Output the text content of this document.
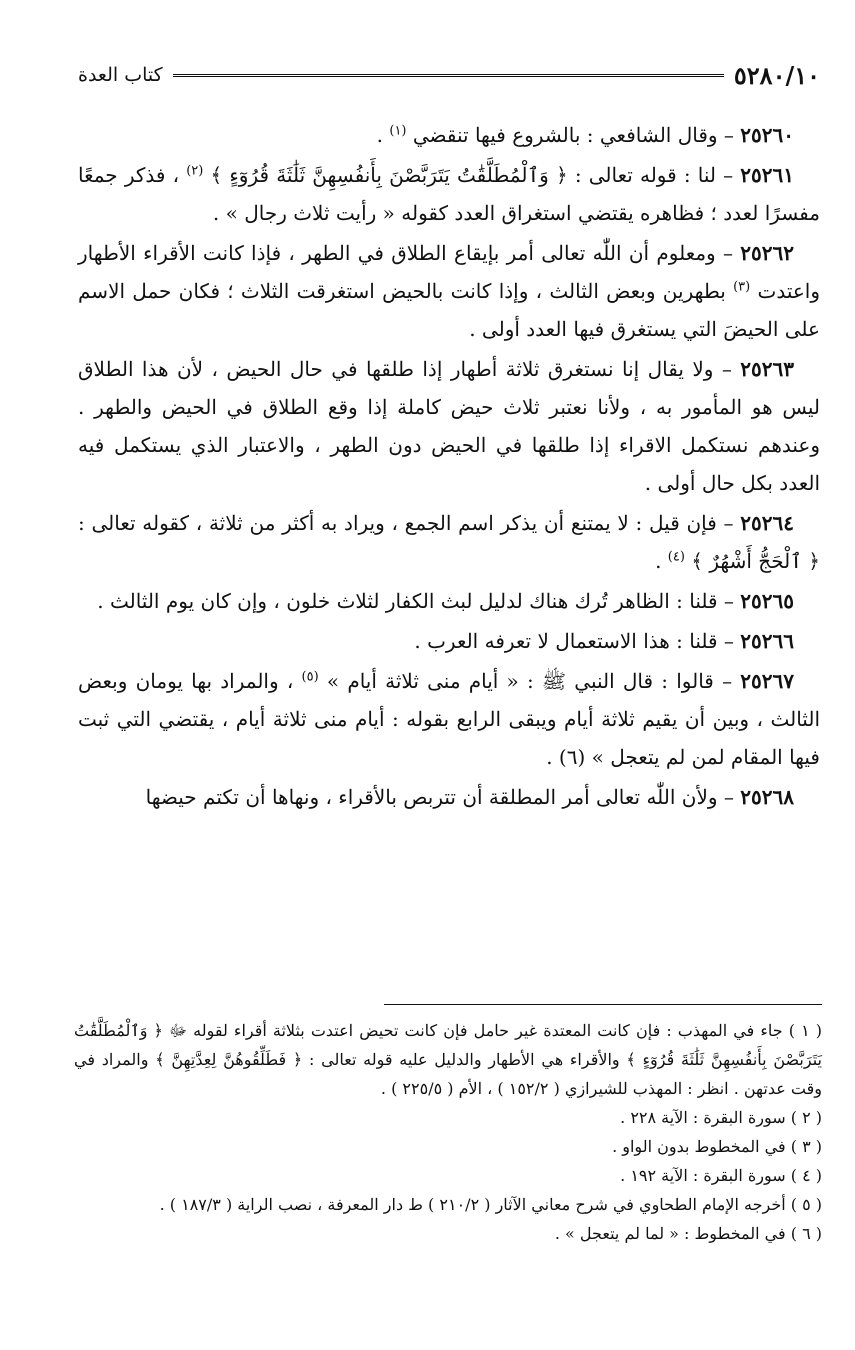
٥٢٨٠/١٠
كتاب العدة

٢٥٢٦٠ – وقال الشافعي : بالشروع فيها تنقضي $^{(١)}$ .

٢٥٢٦١ – لنا : قوله تعالى : ﴿ وَٱلْمُطَلَّقَٰتُ يَتَرَبَّصْنَ بِأَنفُسِهِنَّ ثَلَٰثَةَ قُرُوٓءٍ ﴾ $^{(٢)}$ ، فذكر جمعًا مفسرًا لعدد ؛ فظاهره يقتضي استغراق العدد كقوله « رأيت ثلاث رجال » .

٢٥٢٦٢ – ومعلوم أن اللّٰه تعالى أمر بإيقاع الطلاق في الطهر ، فإذا كانت الأقراء الأطهار واعتدت $^{(٣)}$ بطهرين وبعض الثالث ، وإذا كانت بالحيض استغرقت الثلاث ؛ فكان حمل الاسم على الحيضَ التي يستغرق فيها العدد أولى .

٢٥٢٦٣ – ولا يقال إنا نستغرق ثلاثة أطهار إذا طلقها في حال الحيض ، لأن هذا الطلاق ليس هو المأمور به ، ولأنا نعتبر ثلاث حيض كاملة إذا وقع الطلاق في الحيض والطهر . وعندهم نستكمل الاقراء إذا طلقها في الحيض دون الطهر ، والاعتبار الذي يستكمل فيه العدد بكل حال أولى .

٢٥٢٦٤ – فإن قيل : لا يمتنع أن يذكر اسم الجمع ، ويراد به أكثر من ثلاثة ، كقوله تعالى : ﴿ ٱلْحَجُّ أَشْهُرٌ ﴾ $^{(٤)}$ .

٢٥٢٦٥ – قلنا : الظاهر تُرك هناك لدليل لبث الكفار لثلاث خلون ، وإن كان يوم الثالث .

٢٥٢٦٦ – قلنا : هذا الاستعمال لا تعرفه العرب .

٢٥٢٦٧ – قالوا : قال النبي ﷺ : « أيام منى ثلاثة أيام » $^{(٥)}$ ، والمراد بها يومان وبعض الثالث ، وبين أن يقيم ثلاثة أيام ويبقى الرابع بقوله : أيام منى ثلاثة أيام ، يقتضي التي ثبت فيها المقام لمن لم يتعجل » (٦) .

٢٥٢٦٨ – ولأن اللّٰه تعالى أمر المطلقة أن تتربص بالأقراء ، ونهاها أن تكتم حيضها

( ١ ) جاء في المهذب : فإن كانت المعتدة غير حامل فإن كانت تحيض اعتدت بثلاثة أقراء لقوله ﷻ ﴿ وَٱلْمُطَلَّقَٰتُ يَتَرَبَّصْنَ بِأَنفُسِهِنَّ ثَلَٰثَةَ قُرُوٓءٍ ﴾ والأقراء هي الأطهار والدليل عليه قوله تعالى : ﴿ فَطَلِّقُوهُنَّ لِعِدَّتِهِنَّ ﴾ والمراد في وقت عدتهن . انظر : المهذب للشيرازي ( ١٥٢/٢ ) ، الأم ( ٢٢٥/٥ ) .

( ٢ ) سورة البقرة : الآية ٢٢٨ .

( ٣ ) في المخطوط بدون الواو .

( ٤ ) سورة البقرة : الآية ١٩٢ .

( ٥ ) أخرجه الإمام الطحاوي في شرح معاني الآثار ( ٢١٠/٢ ) ط دار المعرفة ، نصب الراية ( ١٨٧/٣ ) .

( ٦ ) في المخطوط : « لما لم يتعجل » .
